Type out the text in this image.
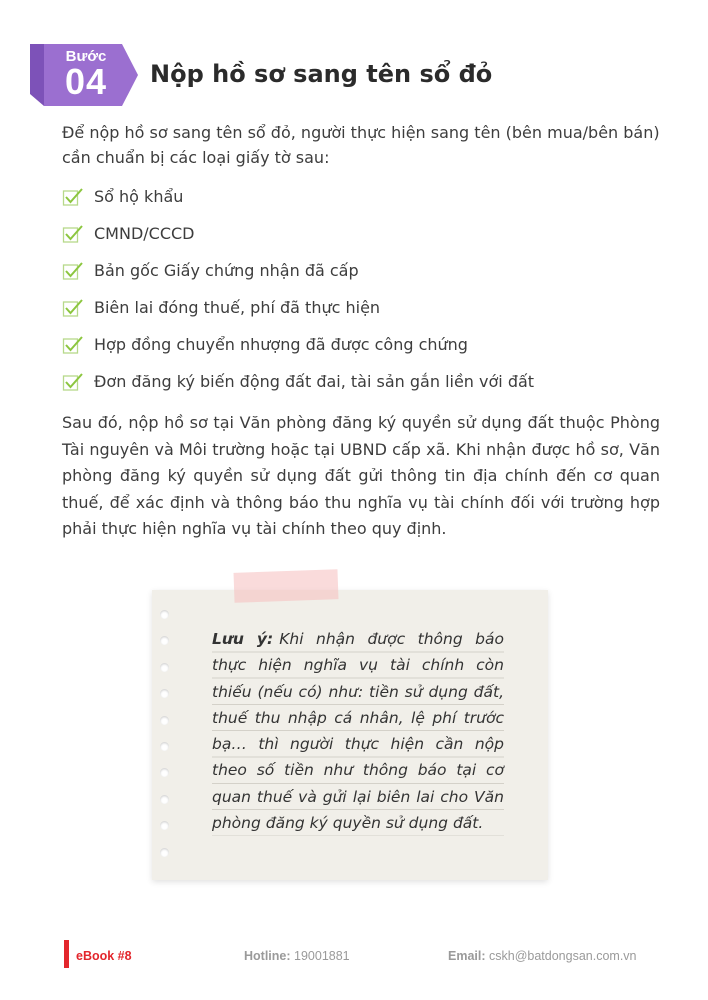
Bước
04	Nộp hồ sơ sang tên sổ đỏ

Để nộp hồ sơ sang tên sổ đỏ, người thực hiện sang tên (bên mua/bên bán) cần chuẩn bị các loại giấy tờ sau:

Sổ hộ khẩu
CMND/CCCD
Bản gốc Giấy chứng nhận đã cấp
Biên lai đóng thuế, phí đã thực hiện
Hợp đồng chuyển nhượng đã được công chứng
Đơn đăng ký biến động đất đai, tài sản gắn liền với đất

Sau đó, nộp hồ sơ tại Văn phòng đăng ký quyền sử dụng đất thuộc Phòng Tài nguyên và Môi trường hoặc tại UBND cấp xã. Khi nhận được hồ sơ, Văn phòng đăng ký quyền sử dụng đất gửi thông tin địa chính đến cơ quan thuế, để xác định và thông báo thu nghĩa vụ tài chính đối với trường hợp phải thực hiện nghĩa vụ tài chính theo quy định.

Lưu ý: Khi nhận được thông báo thực hiện nghĩa vụ tài chính còn thiếu (nếu có) như: tiền sử dụng đất, thuế thu nhập cá nhân, lệ phí trước bạ… thì người thực hiện cần nộp theo số tiền như thông báo tại cơ quan thuế và gửi lại biên lai cho Văn phòng đăng ký quyền sử dụng đất.

eBook #8	Hotline: 19001881	Email: cskh@batdongsan.com.vn
